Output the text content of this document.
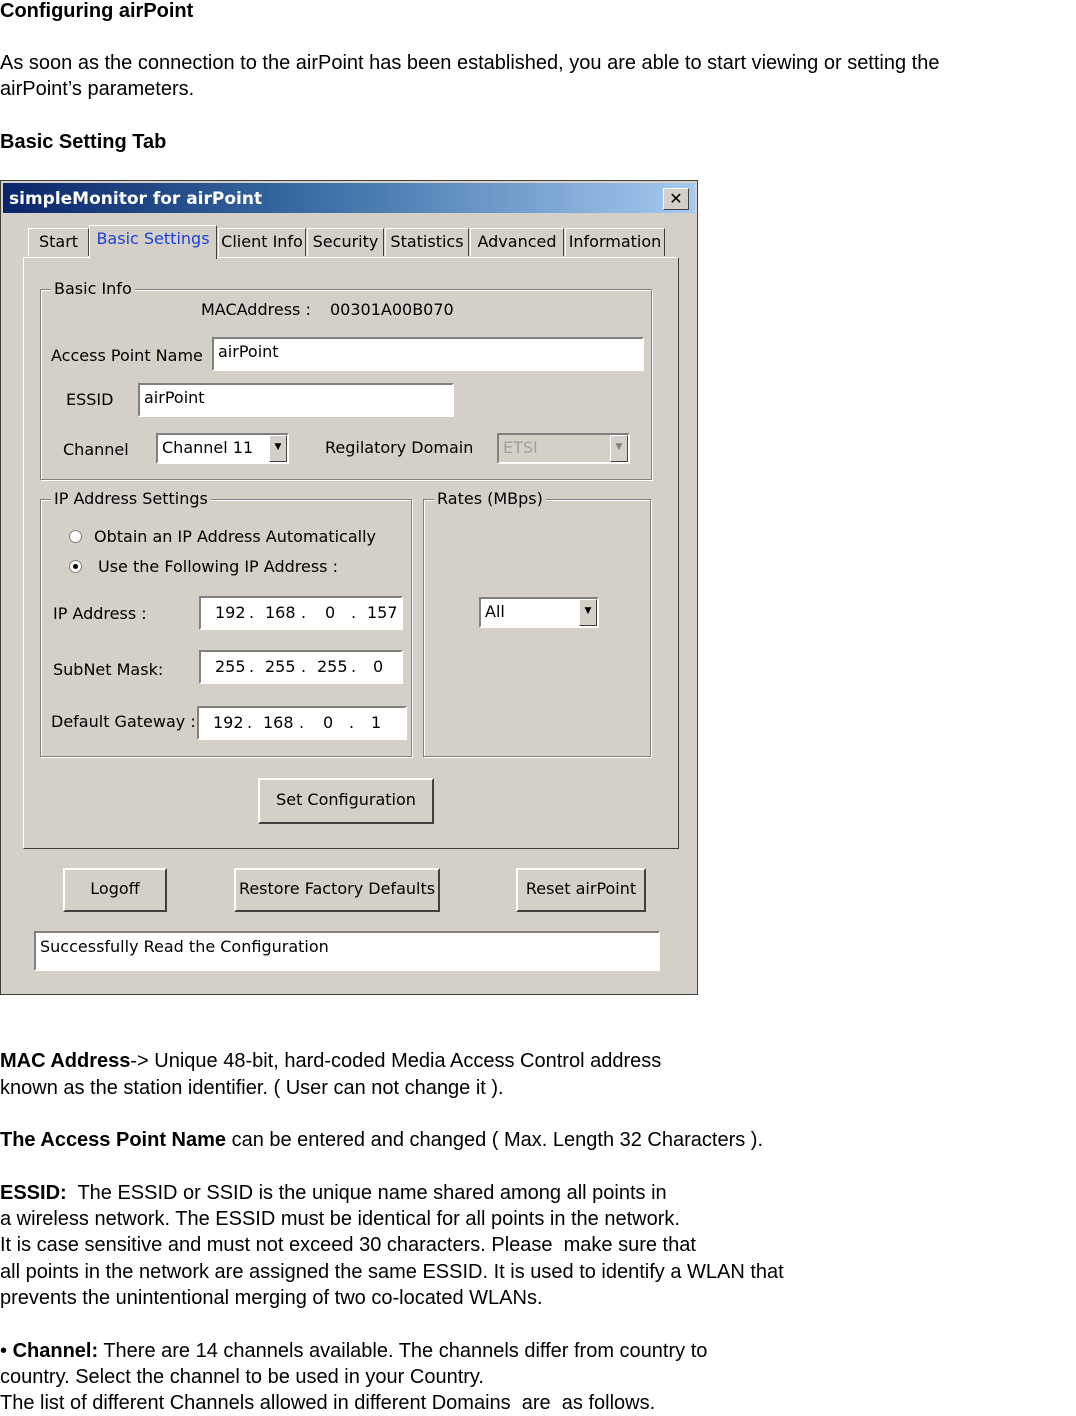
Configuring airPoint
As soon as the connection to the airPoint has been established, you are able to start viewing or setting the
airPoint’s parameters.
Basic Setting Tab
simpleMonitor for airPoint	✕
Start	Basic Settings Client Info Security Statistics Advanced Information
Basic Info
MACAddress : 00301A00B070
Access Point Name airPoint
ESSID	airPoint
Channel	Channel 11	▼	Regilatory Domain	ETSI	▼
IP Address Settings
Obtain an IP Address Automatically
Use the Following IP Address :
IP Address :	192 . 168 . 0 . 157
SubNet Mask:	255 . 255 . 255 . 0
Default Gateway : 192 . 168 . 0 . 1
Rates (MBps)
All	▼
Set Configuration
Logoff	Restore Factory Defaults	Reset airPoint
Successfully Read the Configuration
MAC Address-> Unique 48-bit, hard-coded Media Access Control address
known as the station identifier. ( User can not change it ).
The Access Point Name can be entered and changed ( Max. Length 32 Characters ).
ESSID:  The ESSID or SSID is the unique name shared among all points in
a wireless network. The ESSID must be identical for all points in the network.
It is case sensitive and must not exceed 30 characters. Please  make sure that
all points in the network are assigned the same ESSID. It is used to identify a WLAN that
prevents the unintentional merging of two co-located WLANs.
• Channel: There are 14 channels available. The channels differ from country to
country. Select the channel to be used in your Country.
The list of different Channels allowed in different Domains  are  as follows.
